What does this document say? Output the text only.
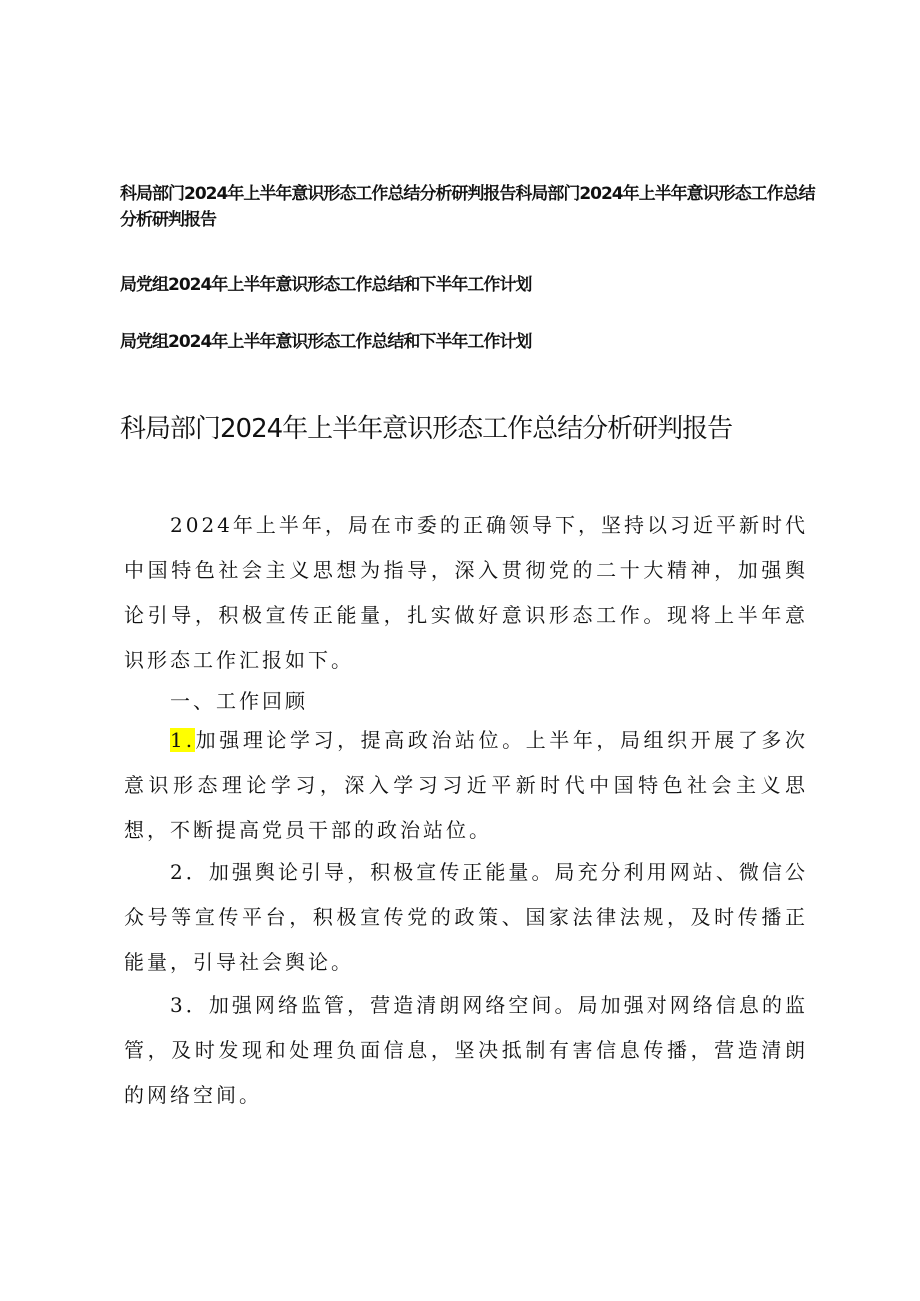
科局部门2024年上半年意识形态工作总结分析研判报告科局部门2024年上半年意识形态工作总结分析研判报告
局党组2024年上半年意识形态工作总结和下半年工作计划
局党组2024年上半年意识形态工作总结和下半年工作计划
科局部门2024年上半年意识形态工作总结分析研判报告
2024年上半年，局在市委的正确领导下，坚持以习近平新时代中国特色社会主义思想为指导，深入贯彻党的二十大精神，加强舆论引导，积极宣传正能量，扎实做好意识形态工作。现将上半年意识形态工作汇报如下。
一、工作回顾
1.加强理论学习，提高政治站位。上半年，局组织开展了多次意识形态理论学习，深入学习习近平新时代中国特色社会主义思想，不断提高党员干部的政治站位。
2．加强舆论引导，积极宣传正能量。局充分利用网站、微信公众号等宣传平台，积极宣传党的政策、国家法律法规，及时传播正能量，引导社会舆论。
3．加强网络监管，营造清朗网络空间。局加强对网络信息的监管，及时发现和处理负面信息，坚决抵制有害信息传播，营造清朗的网络空间。
